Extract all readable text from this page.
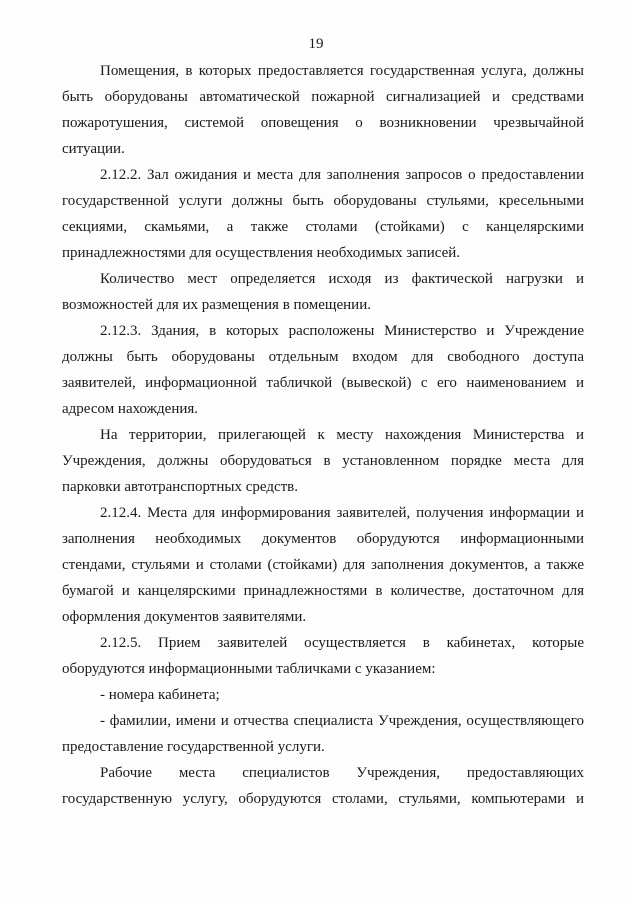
19

Помещения, в которых предоставляется государственная услуга, должны быть оборудованы автоматической пожарной сигнализацией и средствами пожаротушения, системой оповещения о возникновении чрезвычайной ситуации.

2.12.2. Зал ожидания и места для заполнения запросов о предоставлении государственной услуги должны быть оборудованы стульями, кресельными секциями, скамьями, а также столами (стойками) с канцелярскими принадлежностями для осуществления необходимых записей.

Количество мест определяется исходя из фактической нагрузки и возможностей для их размещения в помещении.

2.12.3. Здания, в которых расположены Министерство и Учреждение должны быть оборудованы отдельным входом для свободного доступа заявителей, информационной табличкой (вывеской) с его наименованием и адресом нахождения.

На территории, прилегающей к месту нахождения Министерства и Учреждения, должны оборудоваться в установленном порядке места для парковки автотранспортных средств.

2.12.4. Места для информирования заявителей, получения информации и заполнения необходимых документов оборудуются информационными стендами, стульями и столами (стойками) для заполнения документов, а также бумагой и канцелярскими принадлежностями в количестве, достаточном для оформления документов заявителями.

2.12.5. Прием заявителей осуществляется в кабинетах, которые оборудуются информационными табличками с указанием:

- номера кабинета;

- фамилии, имени и отчества специалиста Учреждения, осуществляющего предоставление государственной услуги.

Рабочие места специалистов Учреждения, предоставляющих государственную услугу, оборудуются столами, стульями, компьютерами и
